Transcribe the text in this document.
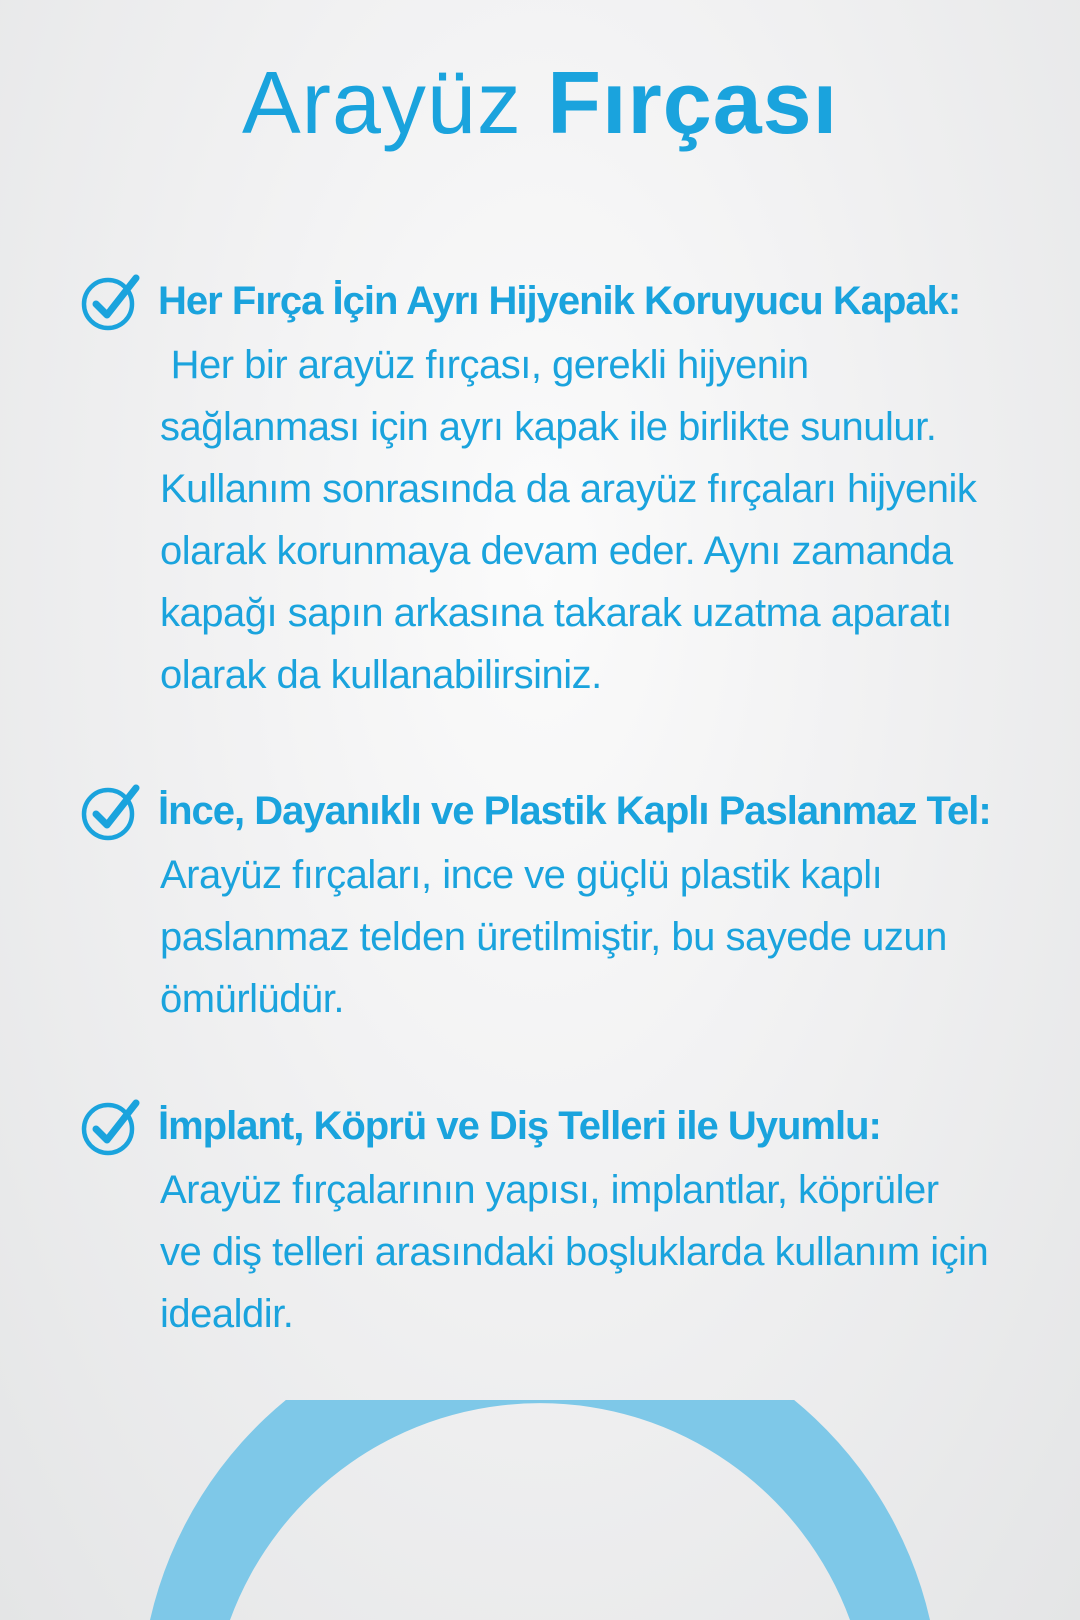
Arayüz Fırçası
Her Fırça İçin Ayrı Hijyenik Koruyucu Kapak:
Her bir arayüz fırçası, gerekli hijyenin
sağlanması için ayrı kapak ile birlikte sunulur.
Kullanım sonrasında da arayüz fırçaları hijyenik
olarak korunmaya devam eder. Aynı zamanda
kapağı sapın arkasına takarak uzatma aparatı
olarak da kullanabilirsiniz.
İnce, Dayanıklı ve Plastik Kaplı Paslanmaz Tel:
Arayüz fırçaları, ince ve güçlü plastik kaplı
paslanmaz telden üretilmiştir, bu sayede uzun
ömürlüdür.
İmplant, Köprü ve Diş Telleri ile Uyumlu:
Arayüz fırçalarının yapısı, implantlar, köprüler
ve diş telleri arasındaki boşluklarda kullanım için
idealdir.
